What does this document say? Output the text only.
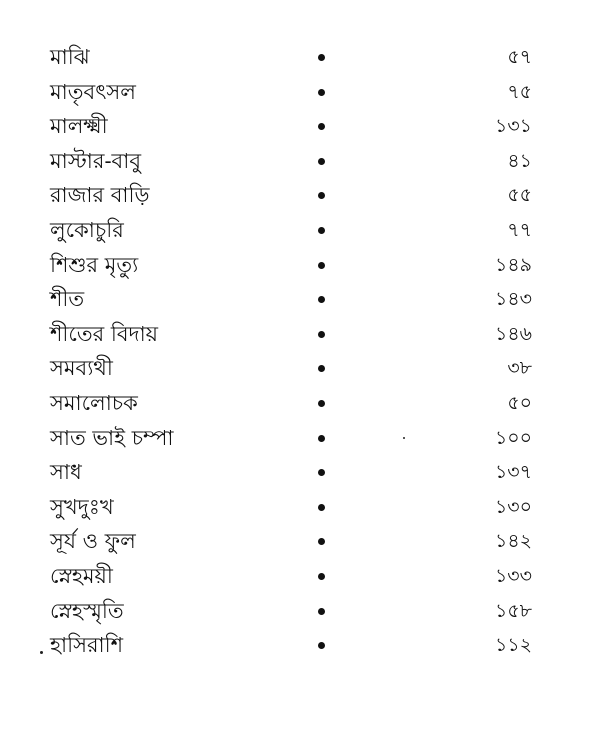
মাঝি	৫৭
মাতৃবৎসল	৭৫
মালক্ষ্মী	১৩১
মাস্টার-বাবু	৪১
রাজার বাড়ি	৫৫
লুকোচুরি	৭৭
শিশুর মৃত্যু	১৪৯
শীত	১৪৩
শীতের বিদায়	১৪৬
সমব্যথী	৩৮
সমালোচক	৫০
সাত ভাই চম্পা	১০০
সাধ	১৩৭
সুখদুঃখ	১৩০
সূর্য ও ফুল	১৪২
স্নেহময়ী	১৩৩
স্নেহস্মৃতি	১৫৮
হাসিরাশি	১১২
